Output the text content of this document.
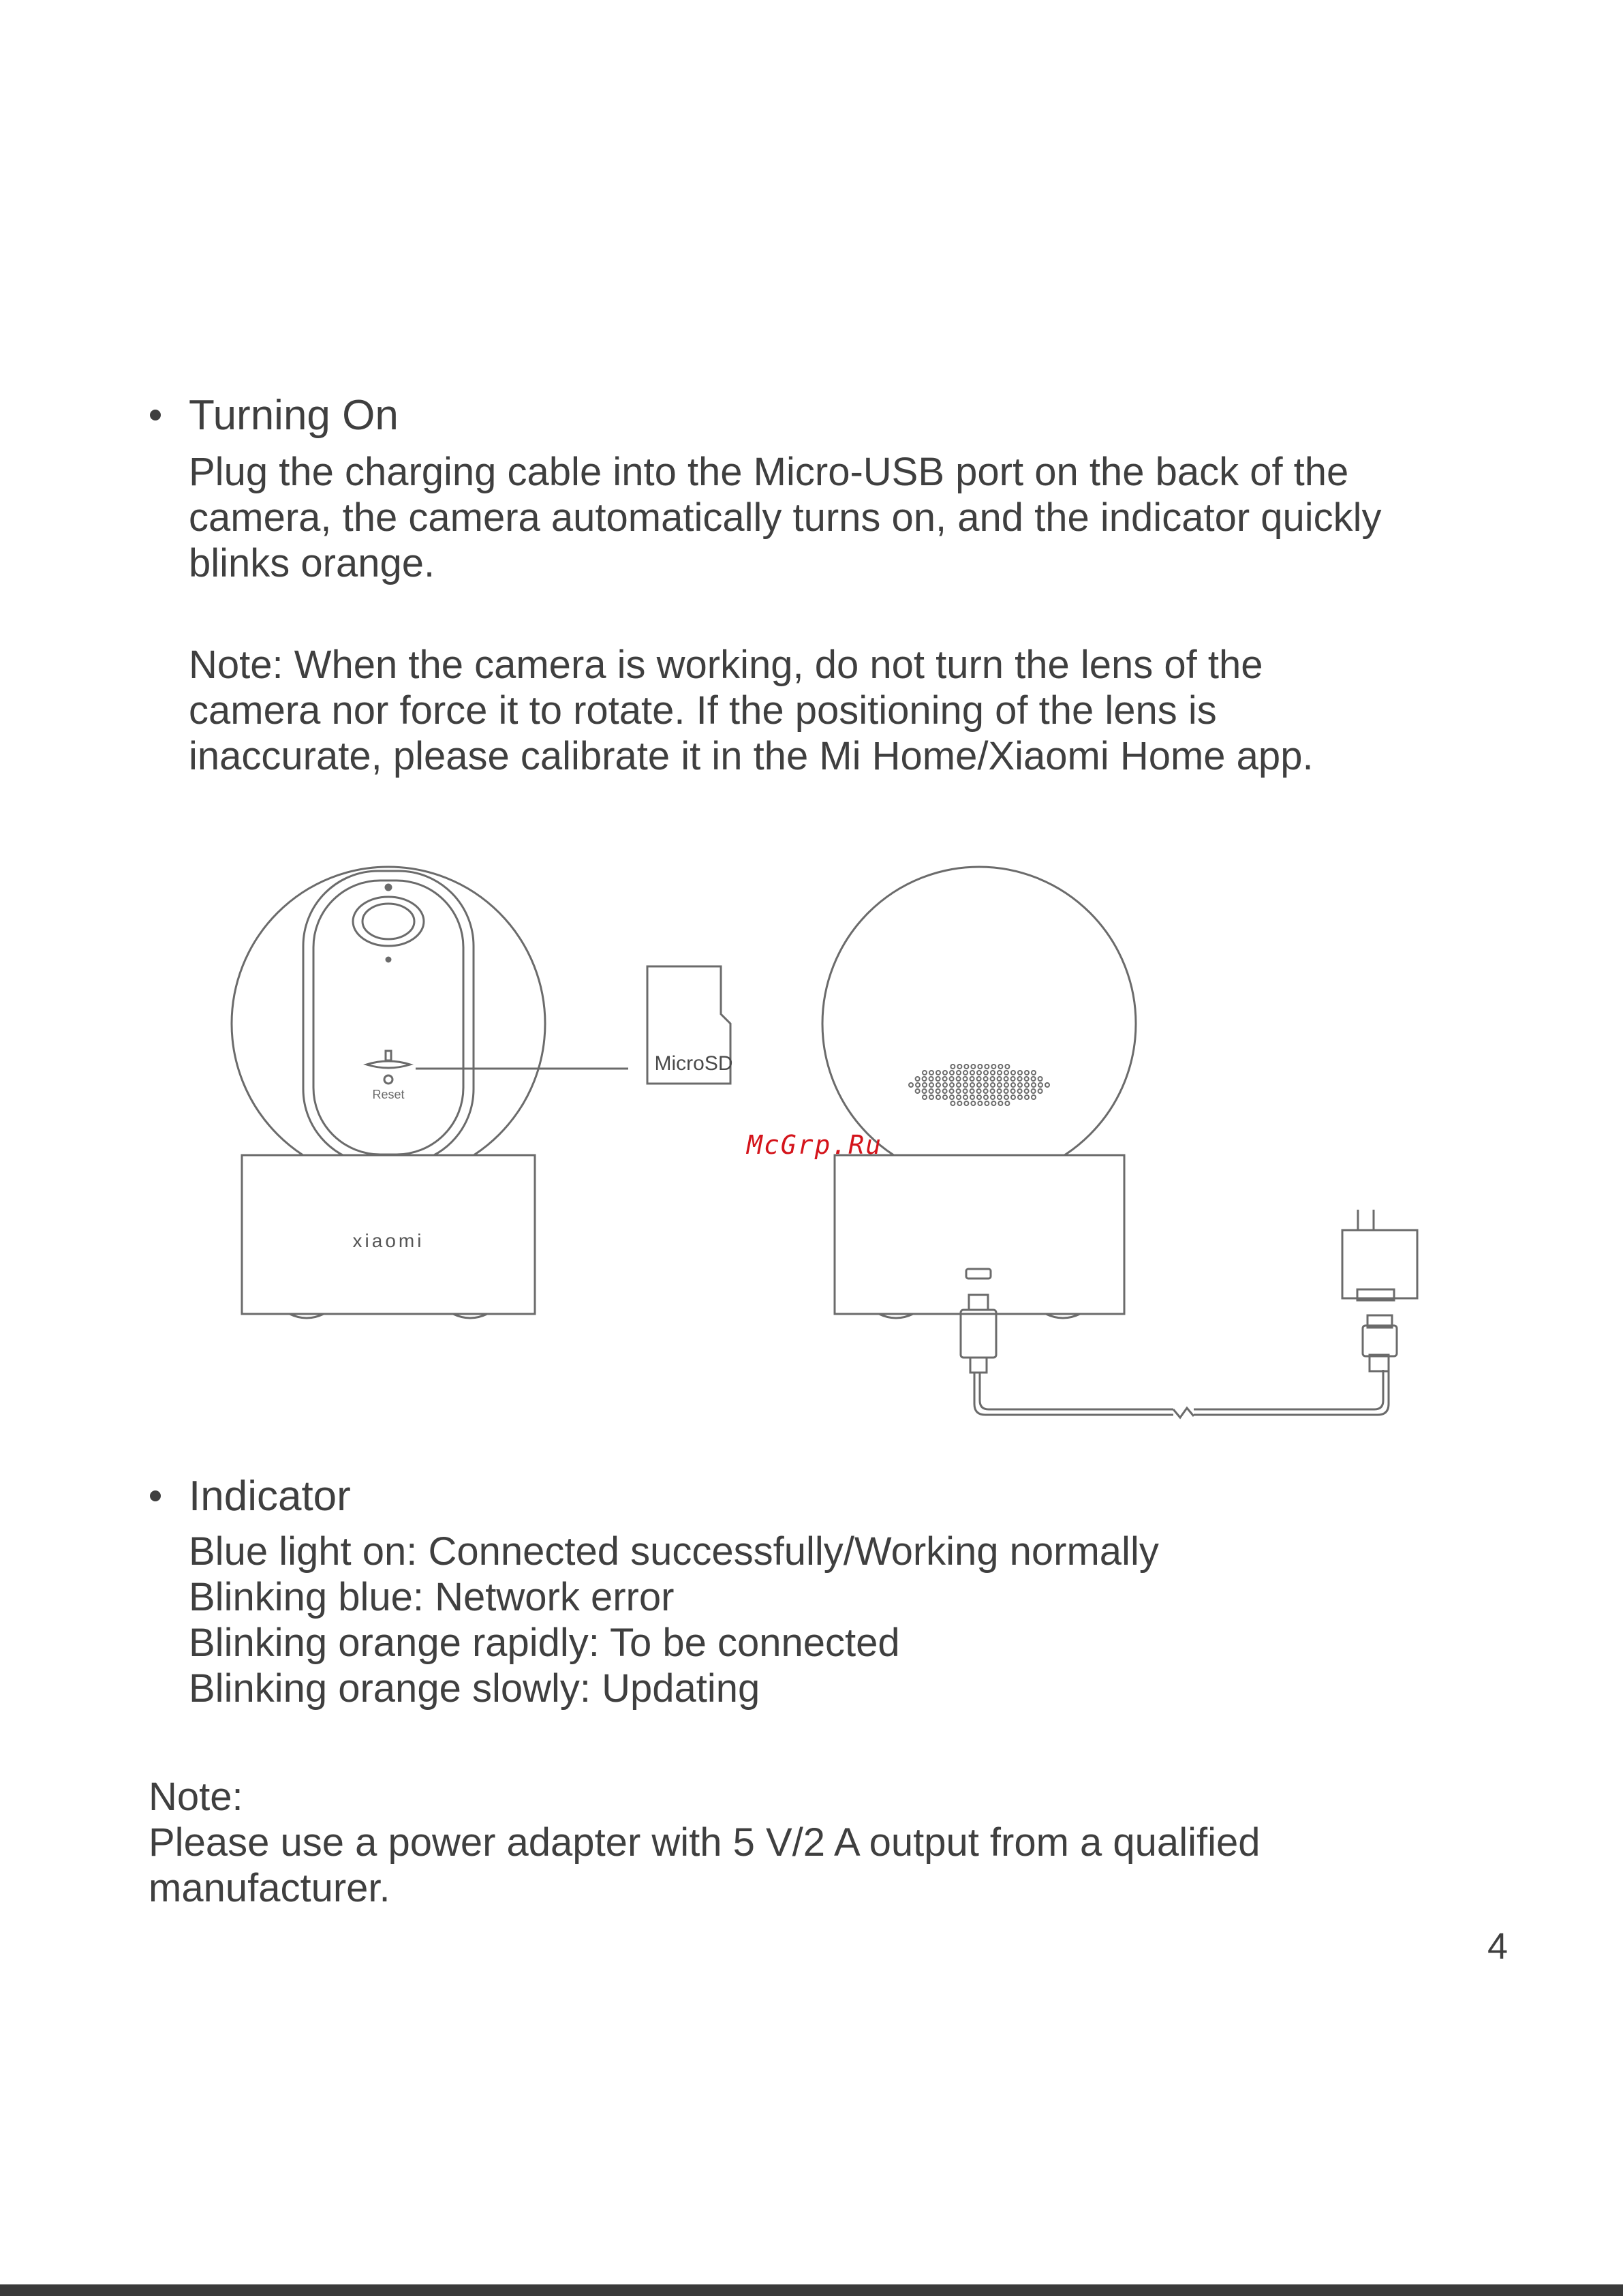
Turning On
Plug the charging cable into the Micro-USB port on the back of the
camera, the camera automatically turns on, and the indicator quickly
blinks orange.
Note: When the camera is working, do not turn the lens of the
camera nor force it to rotate. If the positioning of the lens is
inaccurate, please calibrate it in the Mi Home/Xiaomi Home app.
Reset
xiaomi
MicroSD
McGrp.Ru
Indicator
Blue light on: Connected successfully/Working normally
Blinking blue: Network error
Blinking orange rapidly: To be connected
Blinking orange slowly: Updating
Note:
Please use a power adapter with 5 V/2 A output from a qualified
manufacturer.
4
